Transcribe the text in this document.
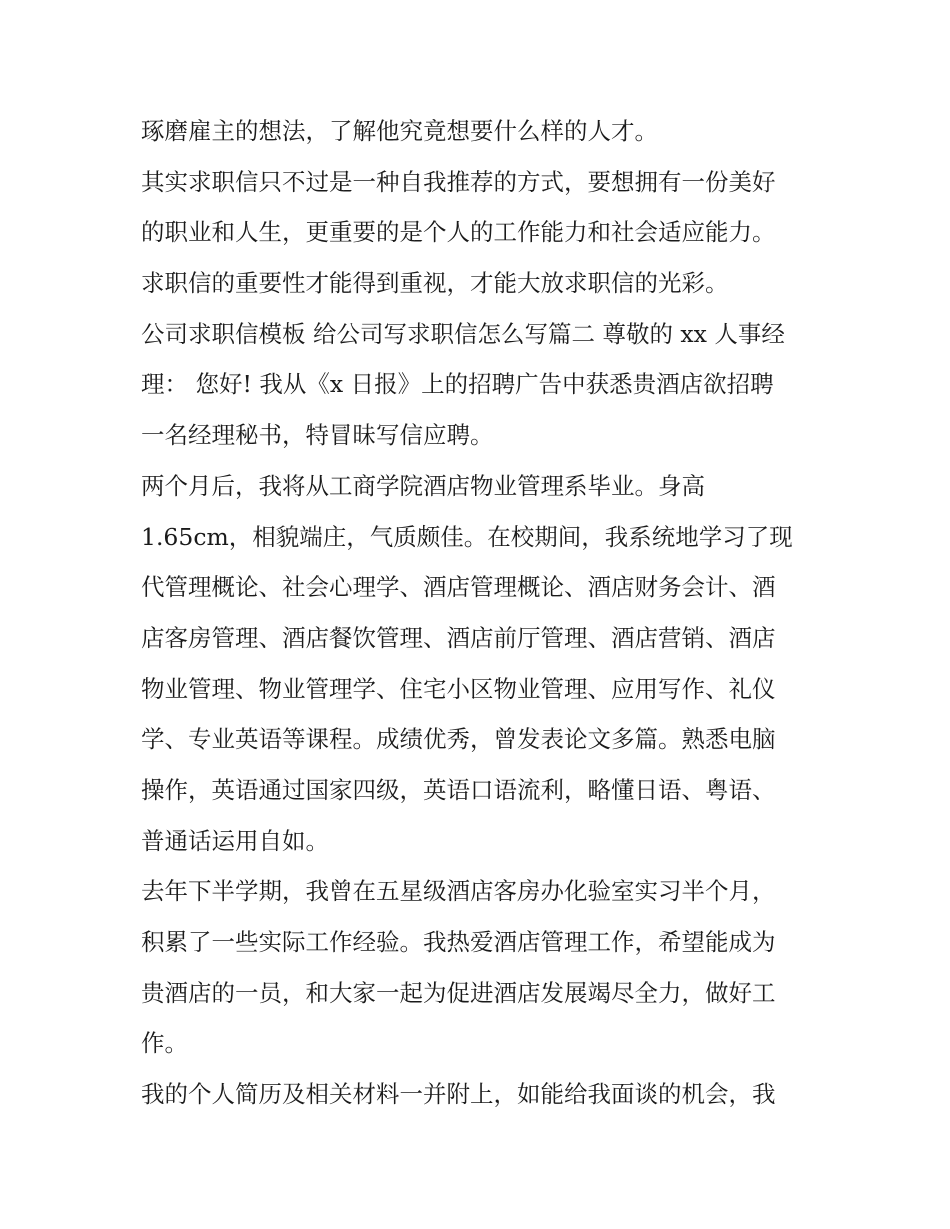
琢磨雇主的想法，了解他究竟想要什么样的人才。

其实求职信只不过是一种自我推荐的方式，要想拥有一份美好
的职业和人生，更重要的是个人的工作能力和社会适应能力。
求职信的重要性才能得到重视，才能大放求职信的光彩。

公司求职信模板 给公司写求职信怎么写篇二 尊敬的 xx 人事经
理： 您好! 我从《x 日报》上的招聘广告中获悉贵酒店欲招聘
一名经理秘书，特冒昧写信应聘。

两个月后，我将从工商学院酒店物业管理系毕业。身高
1.65cm，相貌端庄，气质颇佳。在校期间，我系统地学习了现
代管理概论、社会心理学、酒店管理概论、酒店财务会计、酒
店客房管理、酒店餐饮管理、酒店前厅管理、酒店营销、酒店
物业管理、物业管理学、住宅小区物业管理、应用写作、礼仪
学、专业英语等课程。成绩优秀，曾发表论文多篇。熟悉电脑
操作，英语通过国家四级，英语口语流利，略懂日语、粤语、
普通话运用自如。

去年下半学期，我曾在五星级酒店客房办化验室实习半个月，
积累了一些实际工作经验。我热爱酒店管理工作，希望能成为
贵酒店的一员，和大家一起为促进酒店发展竭尽全力，做好工
作。

我的个人简历及相关材料一并附上，如能给我面谈的机会，我
